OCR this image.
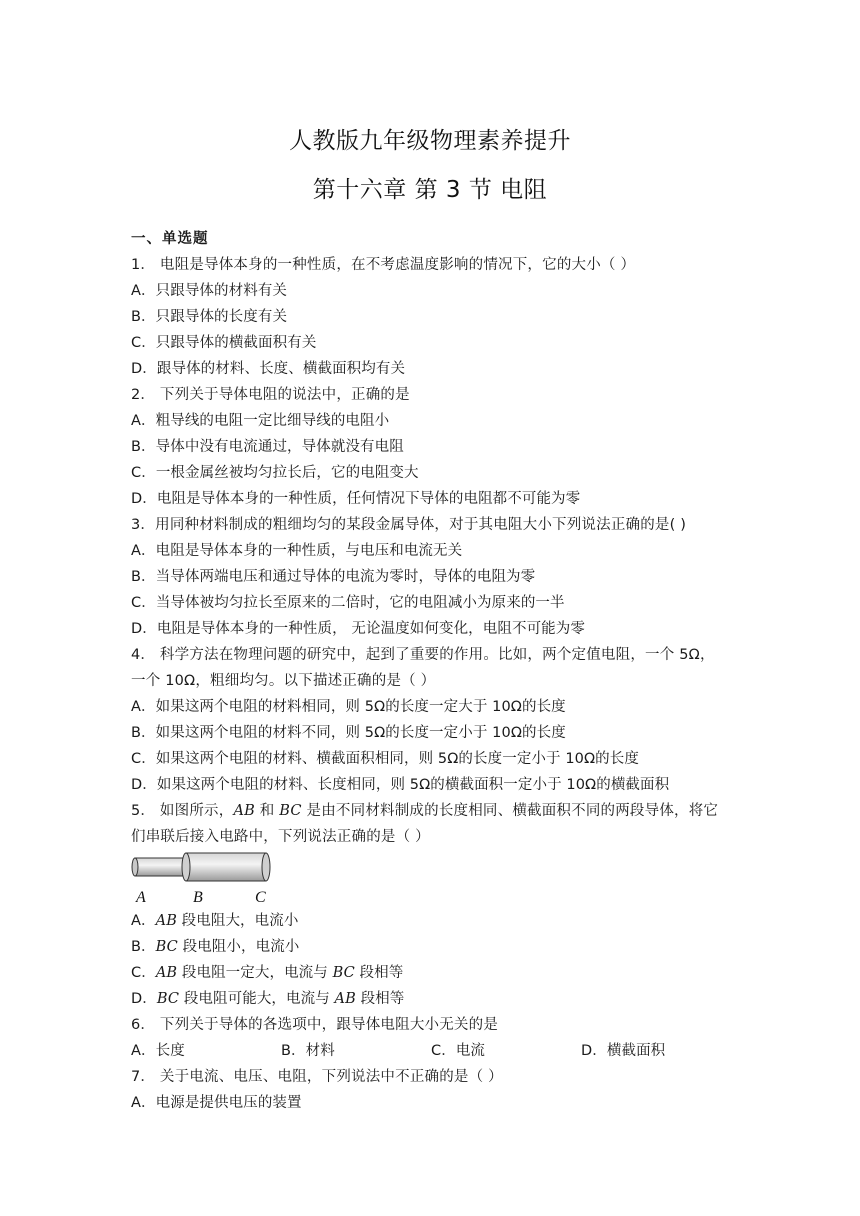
人教版九年级物理素养提升
第十六章 第 3 节 电阻
一、单选题
1． 电阻是导体本身的一种性质，在不考虑温度影响的情况下，它的大小（ ）
A．只跟导体的材料有关
B．只跟导体的长度有关
C．只跟导体的横截面积有关
D．跟导体的材料、长度、横截面积均有关
2． 下列关于导体电阻的说法中，正确的是
A．粗导线的电阻一定比细导线的电阻小
B．导体中没有电流通过，导体就没有电阻
C．一根金属丝被均匀拉长后，它的电阻变大
D．电阻是导体本身的一种性质，任何情况下导体的电阻都不可能为零
3．用同种材料制成的粗细均匀的某段金属导体，对于其电阻大小下列说法正确的是( )
A．电阻是导体本身的一种性质，与电压和电流无关
B．当导体两端电压和通过导体的电流为零时，导体的电阻为零
C．当导体被均匀拉长至原来的二倍时，它的电阻减小为原来的一半
D．电阻是导体本身的一种性质， 无论温度如何变化，电阻不可能为零
4． 科学方法在物理问题的研究中，起到了重要的作用。比如，两个定值电阻，一个 5Ω，
一个 10Ω，粗细均匀。以下描述正确的是（ ）
A．如果这两个电阻的材料相同，则 5Ω的长度一定大于 10Ω的长度
B．如果这两个电阻的材料不同，则 5Ω的长度一定小于 10Ω的长度
C．如果这两个电阻的材料、横截面积相同，则 5Ω的长度一定小于 10Ω的长度
D．如果这两个电阻的材料、长度相同，则 5Ω的横截面积一定小于 10Ω的横截面积
5． 如图所示，AB 和 BC 是由不同材料制成的长度相同、横截面积不同的两段导体，将它
们串联后接入电路中，下列说法正确的是（ ）
A	B	C
A．AB 段电阻大，电流小
B．BC 段电阻小，电流小
C．AB 段电阻一定大，电流与 BC 段相等
D．BC 段电阻可能大，电流与 AB 段相等
6． 下列关于导体的各选项中，跟导体电阻大小无关的是
A．长度	B．材料	C．电流	D．横截面积
7． 关于电流、电压、电阻，下列说法中不正确的是（ ）
A．电源是提供电压的装置
